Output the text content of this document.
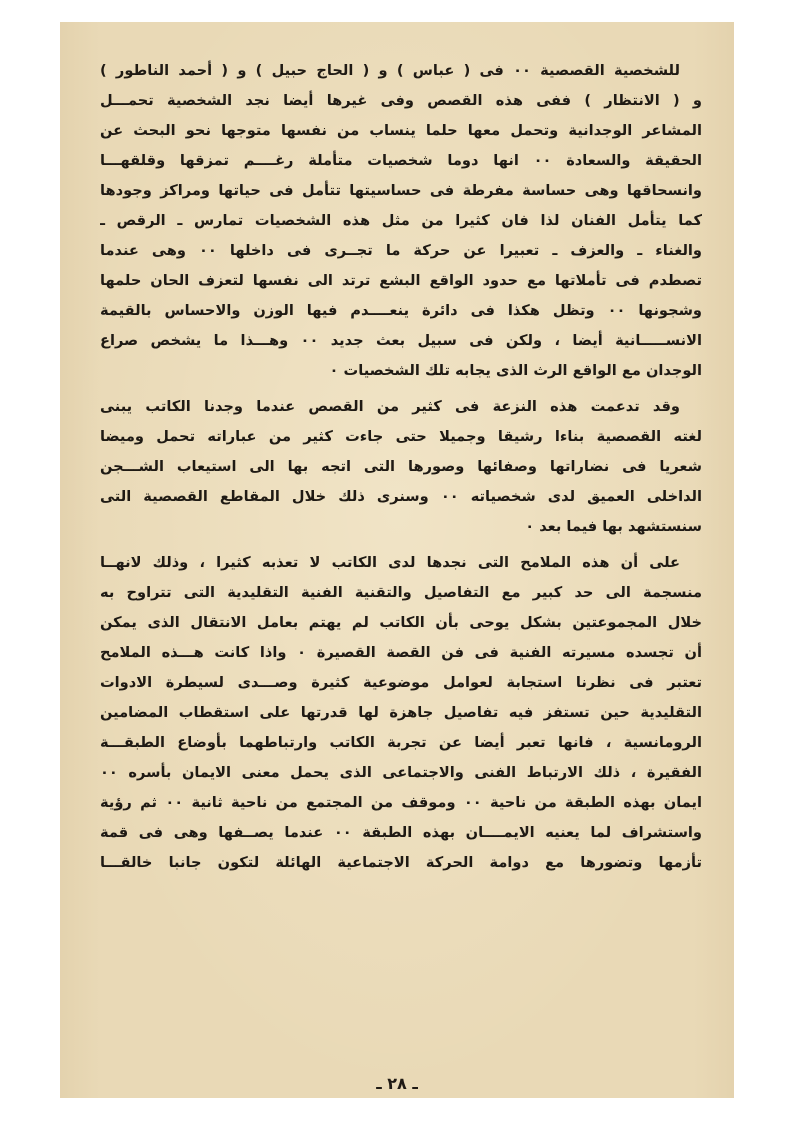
للشخصية القصصية ٠٠ فى ( عباس ) و ( الحاج حبيل ) و ( أحمد الناطور )
و ( الانتظار ) ففى هذه القصص وفى غيرها أيضا نجد الشخصية تحمـــل
المشاعر الوجدانية وتحمل معها حلما ينساب من نفسها متوجها نحو البحث عن
الحقيقة والسعادة ٠٠ انها دوما شخصيات متأملة رغــــم تمزقها وقلقهـــا
وانسحاقها وهى حساسة مفرطة فى حساسيتها تتأمل فى حياتها ومراكز وجودها
كما يتأمل الفنان لذا فان كثيرا من مثل هذه الشخصيات تمارس ـ الرقص ـ
والغناء ـ والعزف ـ تعبيرا عن حركة ما تجــرى فى داخلها ٠٠ وهى عندما
تصطدم فى تأملاتها مع حدود الواقع البشع ترتد الى نفسها لتعزف الحان حلمها
وشجونها ٠٠ وتظل هكذا فى دائرة ينعــــدم فيها الوزن والاحساس بالقيمة
الانســـــانية أيضا ، ولكن فى سبيل بعث جديد ٠٠ وهـــذا ما يشخص صراع
الوجدان مع الواقع الرث الذى يجابه تلك الشخصيات ٠
وقد تدعمت هذه النزعة فى كثير من القصص عندما وجدنا الكاتب يبنى
لغته القصصية بناءا رشيقا وجميلا حتى جاءت كثير من عباراته تحمل وميضا
شعريا فى نضاراتها وصفائها وصورها التى اتجه بها الى استيعاب الشـــجن
الداخلى العميق لدى شخصياته ٠٠ وسنرى ذلك خلال المقاطع القصصية التى
سنستشهد بها فيما بعد ٠
على أن هذه الملامح التى نجدها لدى الكاتب لا تعذبه كثيرا ، وذلك لانهــا
منسجمة الى حد كبير مع التفاصيل والتقنية الفنية التقليدية التى تتراوح به
خلال المجموعتين بشكل يوحى بأن الكاتب لم يهتم بعامل الانتقال الذى يمكن
أن تجسده مسيرته الفنية فى فن القصة القصيرة ٠ واذا كانت هـــذه الملامح
تعتبر فى نظرنا استجابة لعوامل موضوعية كثيرة وصـــدى لسيطرة الادوات
التقليدية حين تستفز فيه تفاصيل جاهزة لها قدرتها على استقطاب المضامين
الرومانسية ، فانها تعبر أيضا عن تجربة الكاتب وارتباطهما بأوضاع الطبقـــة
الفقيرة ، ذلك الارتباط الفنى والاجتماعى الذى يحمل معنى الايمان بأسره ٠٠
ايمان بهذه الطبقة من ناحية ٠٠ وموقف من المجتمع من ناحية ثانية ٠٠ ثم رؤية
واستشراف لما يعنيه الايمــــان بهذه الطبقة ٠٠ عندما يصــفها وهى فى قمة
تأزمها وتضورها مع دوامة الحركة الاجتماعية الهائلة لتكون جانبا خالقـــا
ـ ٢٨ ـ
